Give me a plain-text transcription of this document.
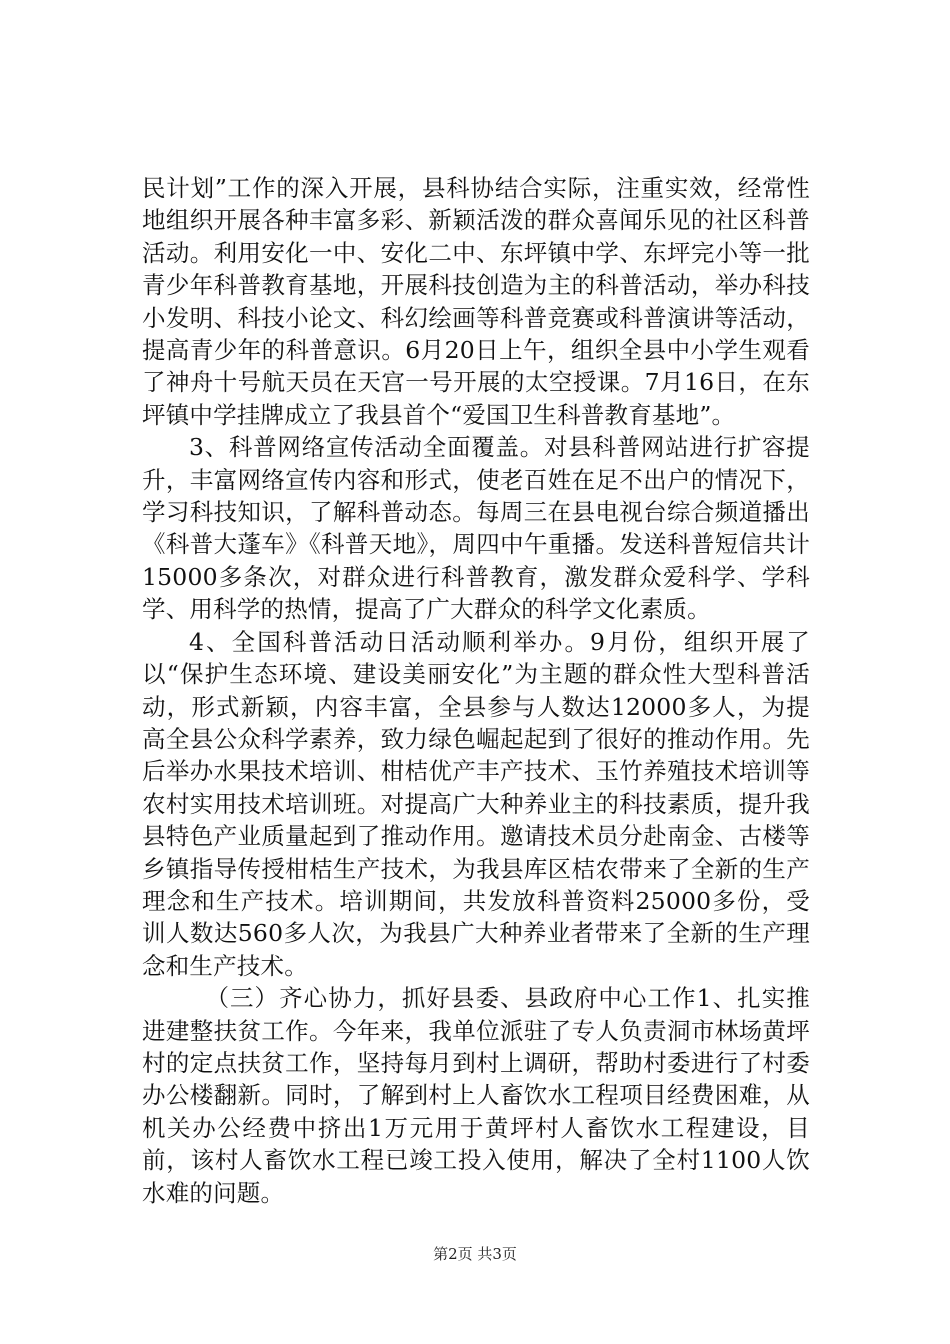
民计划”工作的深入开展，县科协结合实际，注重实效，经常性地组织开展各种丰富多彩、新颖活泼的群众喜闻乐见的社区科普活动。利用安化一中、安化二中、东坪镇中学、东坪完小等一批青少年科普教育基地，开展科技创造为主的科普活动，举办科技小发明、科技小论文、科幻绘画等科普竞赛或科普演讲等活动，提高青少年的科普意识。6月20日上午，组织全县中小学生观看了神舟十号航天员在天宫一号开展的太空授课。7月16日，在东坪镇中学挂牌成立了我县首个“爱国卫生科普教育基地”。

3、科普网络宣传活动全面覆盖。对县科普网站进行扩容提升，丰富网络宣传内容和形式，使老百姓在足不出户的情况下，学习科技知识，了解科普动态。每周三在县电视台综合频道播出《科普大蓬车》《科普天地》，周四中午重播。发送科普短信共计15000多条次，对群众进行科普教育，激发群众爱科学、学科学、用科学的热情，提高了广大群众的科学文化素质。

4、全国科普活动日活动顺利举办。9月份，组织开展了以“保护生态环境、建设美丽安化”为主题的群众性大型科普活动，形式新颖，内容丰富，全县参与人数达12000多人，为提高全县公众科学素养，致力绿色崛起起到了很好的推动作用。先后举办水果技术培训、柑桔优产丰产技术、玉竹养殖技术培训等农村实用技术培训班。对提高广大种养业主的科技素质，提升我县特色产业质量起到了推动作用。邀请技术员分赴南金、古楼等乡镇指导传授柑桔生产技术，为我县库区桔农带来了全新的生产理念和生产技术。培训期间，共发放科普资料25000多份，受训人数达560多人次，为我县广大种养业者带来了全新的生产理念和生产技术。

（三）齐心协力，抓好县委、县政府中心工作1、扎实推进建整扶贫工作。今年来，我单位派驻了专人负责洞市林场黄坪村的定点扶贫工作，坚持每月到村上调研，帮助村委进行了村委办公楼翻新。同时，了解到村上人畜饮水工程项目经费困难，从机关办公经费中挤出1万元用于黄坪村人畜饮水工程建设，目前，该村人畜饮水工程已竣工投入使用，解决了全村1100人饮水难的问题。

第2页 共3页
